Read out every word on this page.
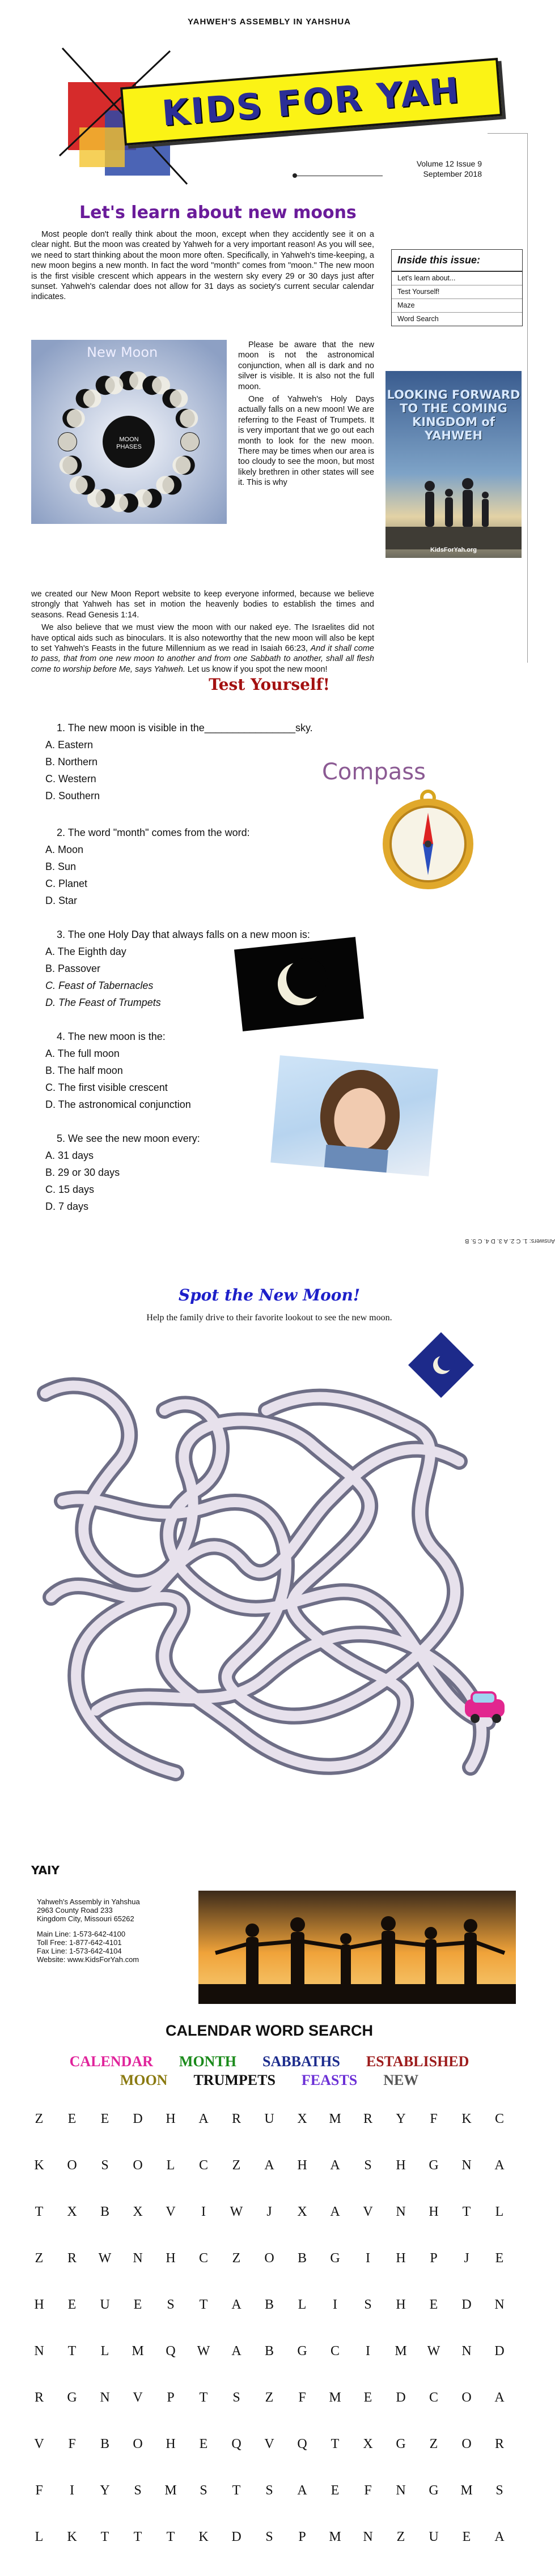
YAHWEH'S ASSEMBLY IN YAHSHUA
KIDS FOR YAH
Volume 12 Issue 9
September 2018
Let's learn about new moons

Most people don't really think about the moon, except when they accidently see it on a clear night. But the moon was created by Yahweh for a very important reason! As you will see, we need to start thinking about the moon more often. Specifically, in Yahweh's time-keeping, a new moon begins a new month. In fact the word "month" comes from "moon." The new moon is the first visible crescent which appears in the western sky every 29 or 30 days just after sunset. Yahweh's calendar does not allow for 31 days as society's current secular calendar indicates.

New Moon
MOON PHASES

Please be aware that the new moon is not the astronomical conjunction, when all is dark and no silver is visible. It is also not the full moon.

One of Yahweh's Holy Days actually falls on a new moon! We are referring to the Feast of Trumpets. It is very important that we go out each month to look for the new moon. There may be times when our area is too cloudy to see the moon, but most likely brethren in other states will see it. This is why

we created our New Moon Report website to keep everyone informed, because we believe strongly that Yahweh has set in motion the heavenly bodies to establish the times and seasons. Read Genesis 1:14.

We also believe that we must view the moon with our naked eye. The Israelites did not have optical aids such as binoculars. It is also noteworthy that the new moon will also be kept to set Yahweh's Feasts in the future Millennium as we read in Isaiah 66:23, And it shall come to pass, that from one new moon to another and from one Sabbath to another, shall all flesh come to worship before Me, says Yahweh. Let us know if you spot the new moon!

Inside this issue:
Let's learn about...
Test Yourself!
Maze
Word Search
LOOKING FORWARD TO THE COMING KINGDOM of YAHWEH
KidsForYah.org
Test Yourself!
1. The new moon is visible in the________________sky.
A. Eastern
B. Northern
C. Western
D. Southern
2. The word "month" comes from the word:
A. Moon
B. Sun
C. Planet
D. Star
3. The one Holy Day that always falls on a new moon is:
A. The Eighth day
B. Passover
C. Feast of Tabernacles
D. The Feast of Trumpets
4. The new moon is the:
A. The full moon
B. The half moon
C. The first visible crescent
D. The astronomical conjunction
5. We see the new moon every:
A. 31 days
B. 29 or 30 days
C. 15 days
D. 7 days
Compass
Answers: 1. C 2. A 3. D 4. C 5. B
Spot the New Moon!
Help the family drive to their favorite lookout to see the new moon.
YAIY
Yahweh's Assembly in Yahshua
2963 County Road 233
Kingdom City, Missouri 65262
Main Line: 1-573-642-4100
Toll Free: 1-877-642-4101
Fax Line: 1-573-642-4104
Website: www.KidsForYah.com
CALENDAR WORD SEARCH
CALENDAR MONTH SABBATHS ESTABLISHED
MOON TRUMPETS FEASTS NEW
Z	E	E	D	H	A	R	U	X	M	R	Y	F	K	C
K	O	S	O	L	C	Z	A	H	A	S	H	G	N	A
T	X	B	X	V	I	W	J	X	A	V	N	H	T	L
Z	R	W	N	H	C	Z	O	B	G	I	H	P	J	E
H	E	U	E	S	T	A	B	L	I	S	H	E	D	N
N	T	L	M	Q	W	A	B	G	C	I	M	W	N	D
R	G	N	V	P	T	S	Z	F	M	E	D	C	O	A
V	F	B	O	H	E	Q	V	Q	T	X	G	Z	O	R
F	I	Y	S	M	S	T	S	A	E	F	N	G	M	S
L	K	T	T	T	K	D	S	P	M	N	Z	U	E	A
